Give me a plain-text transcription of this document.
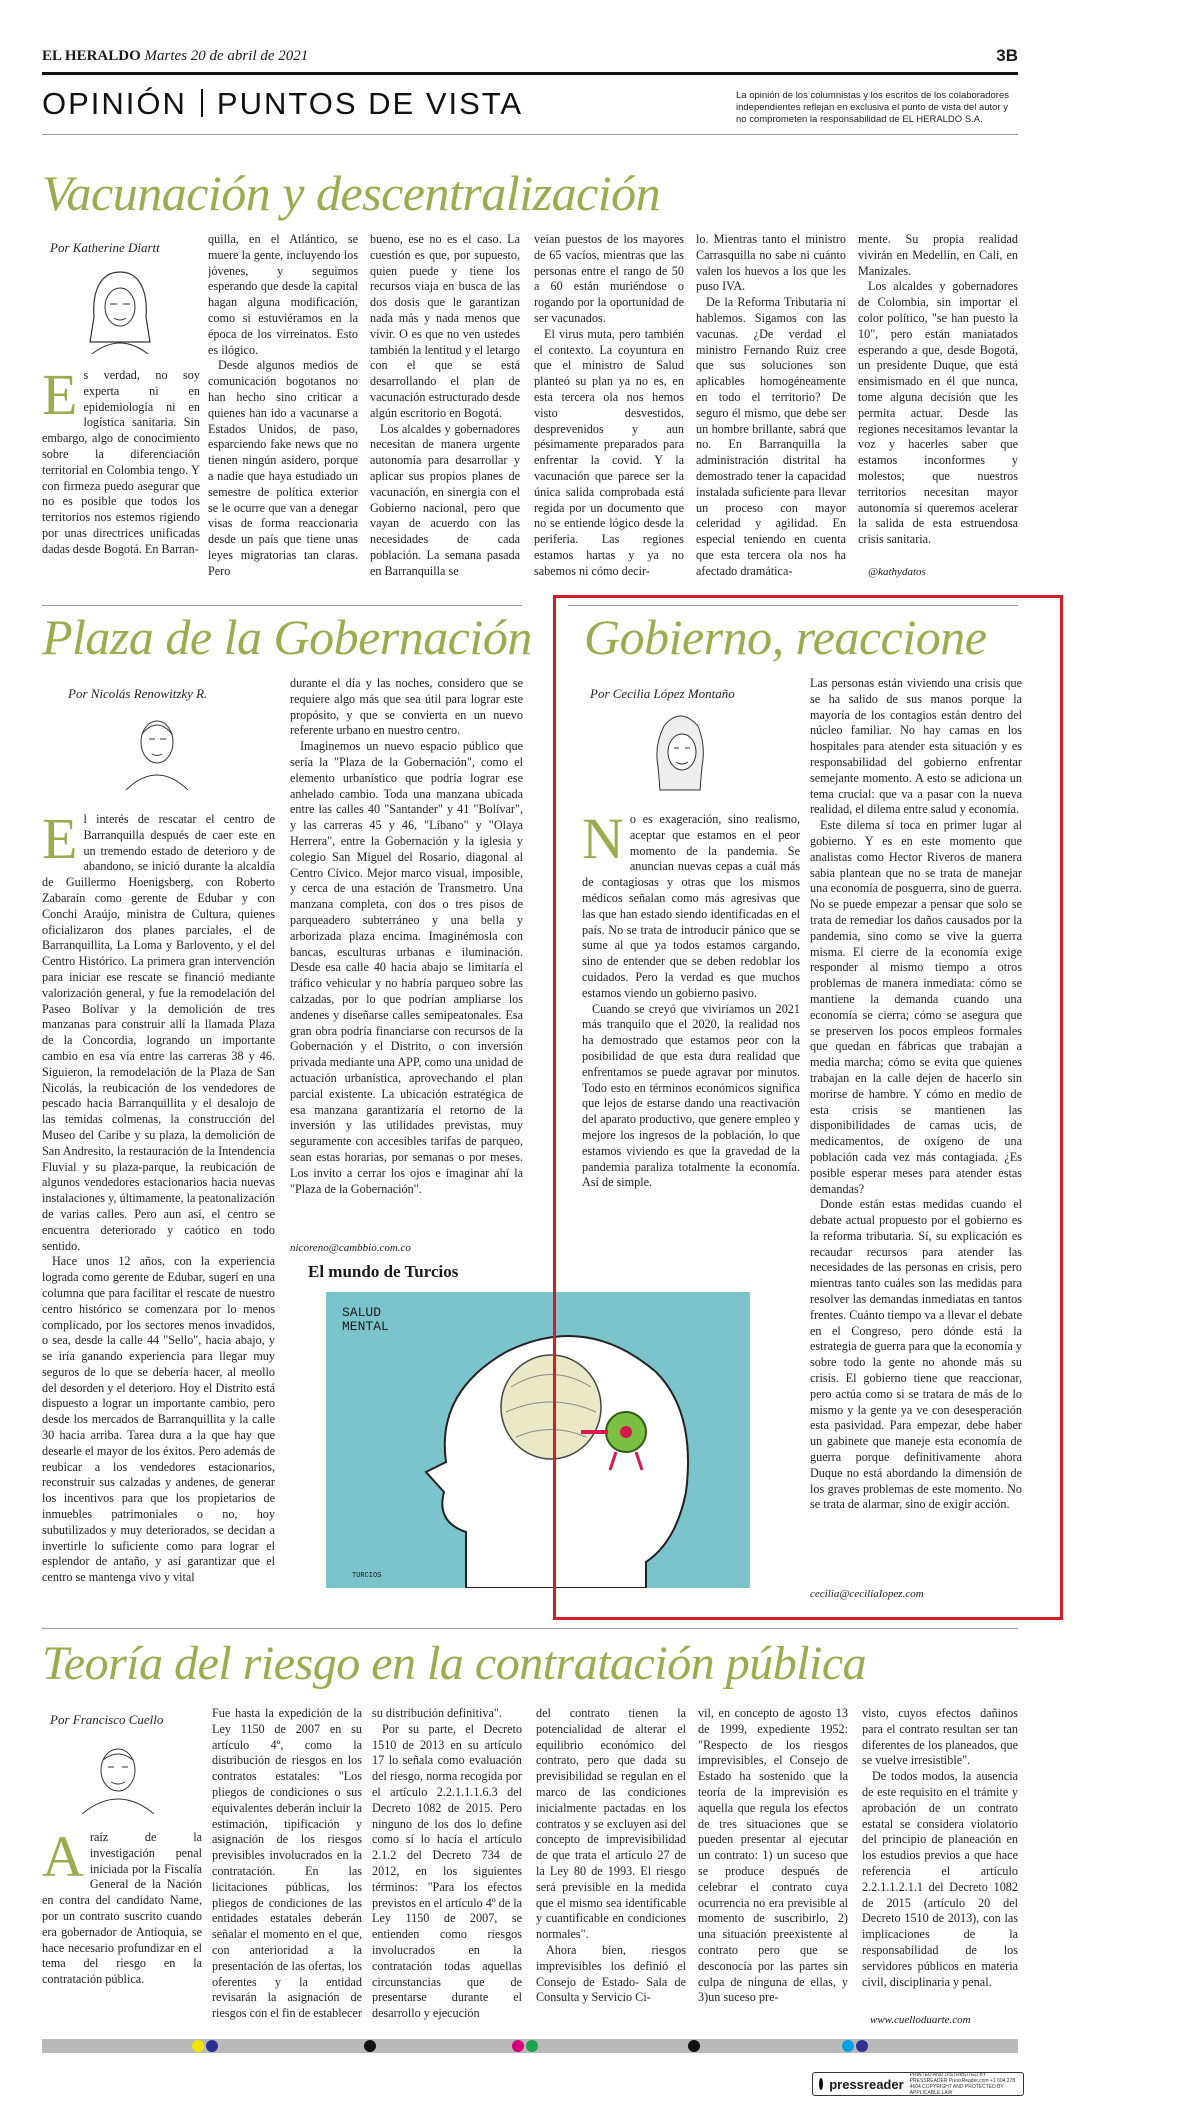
EL HERALDO Martes 20 de abril de 2021	3B
OPINIÓN PUNTOS DE VISTA	La opinión de los columnistas y los escritos de los colaboradores independientes reflejan en exclusiva el punto de vista del autor y no comprometen la responsabilidad de EL HERALDO S.A.
Vacunación y descentralización
Por Katherine Diartt
Es verdad, no soy experta ni en epidemiología ni en logística sanitaria. Sin embargo, algo de conocimiento sobre la diferenciación territorial en Colombia tengo. Y con firmeza puedo asegurar que no es posible que todos los territorios nos estemos rigiendo por unas directrices unificadas dadas desde Bogotá. En Barran-

quilla, en el Atlántico, se muere la gente, incluyendo los jóvenes, y seguimos esperando que desde la capital hagan alguna modificación, como si estuviéramos en la época de los virreinatos. Esto es ilógico.

Desde algunos medios de comunicación bogotanos no han hecho sino criticar a quienes han ido a vacunarse a Estados Unidos, de paso, esparciendo fake news que no tienen ningún asidero, porque a nadie que haya estudiado un semestre de política exterior se le ocurre que van a denegar visas de forma reaccionaria desde un país que tiene unas leyes migratorias tan claras. Pero

bueno, ese no es el caso. La cuestión es que, por supuesto, quien puede y tiene los recursos viaja en busca de las dos dosis que le garantizan nada más y nada menos que vivir. O es que no ven ustedes también la lentitud y el letargo con el que se está desarrollando el plan de vacunación estructurado desde algún escritorio en Bogotá.

Los alcaldes y gobernadores necesitan de manera urgente autonomía para desarrollar y aplicar sus propios planes de vacunación, en sinergia con el Gobierno nacional, pero que vayan de acuerdo con las necesidades de cada población. La semana pasada en Barranquilla se

veían puestos de los mayores de 65 vacíos, mientras que las personas entre el rango de 50 a 60 están muriéndose o rogando por la oportunidad de ser vacunados.

El virus muta, pero también el contexto. La coyuntura en que el ministro de Salud planteó su plan ya no es, en esta tercera ola nos hemos visto desvestidos, desprevenidos y aun pésimamente preparados para enfrentar la covid. Y la vacunación que parece ser la única salida comprobada está regida por un documento que no se entiende lógico desde la periferia. Las regiones estamos hartas y ya no sabemos ni cómo decir-

lo. Mientras tanto el ministro Carrasquilla no sabe ni cuánto valen los huevos a los que les puso IVA.

De la Reforma Tributaria ni hablemos. Sigamos con las vacunas. ¿De verdad el ministro Fernando Ruiz cree que sus soluciones son aplicables homogéneamente en todo el territorio? De seguro él mismo, que debe ser un hombre brillante, sabrá que no. En Barranquilla la administración distrital ha demostrado tener la capacidad instalada suficiente para llevar un proceso con mayor celeridad y agilidad. En especial teniendo en cuenta que esta tercera ola nos ha afectado dramática-

mente. Su propia realidad vivirán en Medellín, en Cali, en Manizales.

Los alcaldes y gobernadores de Colombia, sin importar el color político, "se han puesto la 10", pero están maniatados esperando a que, desde Bogotá, un presidente Duque, que está ensimismado en él que nunca, tome alguna decisión que les permita actuar. Desde las regiones necesitamos levantar la voz y hacerles saber que estamos inconformes y molestos; que nuestros territorios necesitan mayor autonomía si queremos acelerar la salida de esta estruendosa crisis sanitaria.

@kathydatos
Plaza de la Gobernación
Por Nicolás Renowitzky R.
El interés de rescatar el centro de Barranquilla después de caer este en un tremendo estado de deterioro y de abandono, se inició durante la alcaldía de Guillermo Hoenigsberg, con Roberto Zabaraín como gerente de Edubar y con Conchi Araújo, ministra de Cultura, quienes oficializaron dos planes parciales, el de Barranquillita, La Loma y Barlovento, y el del Centro Histórico. La primera gran intervención para iniciar ese rescate se financió mediante valorización general, y fue la remodelación del Paseo Bolívar y la demolición de tres manzanas para construir allí la llamada Plaza de la Concordia, logrando un importante cambio en esa vía entre las carreras 38 y 46. Siguieron, la remodelación de la Plaza de San Nicolás, la reubicación de los vendedores de pescado hacia Barranquillita y el desalojo de las temidas colmenas, la construcción del Museo del Caribe y su plaza, la demolición de San Andresito, la restauración de la Intendencia Fluvial y su plaza-parque, la reubicación de algunos vendedores estacionarios hacia nuevas instalaciones y, últimamente, la peatonalización de varias calles. Pero aun así, el centro se encuentra deteriorado y caótico en todo sentido.

Hace unos 12 años, con la experiencia lograda como gerente de Edubar, sugerí en una columna que para facilitar el rescate de nuestro centro histórico se comenzara por lo menos complicado, por los sectores menos invadidos, o sea, desde la calle 44 "Sello", hacia abajo, y se iría ganando experiencia para llegar muy seguros de lo que se debería hacer, al meollo del desorden y el deterioro. Hoy el Distrito está dispuesto a lograr un importante cambio, pero desde los mercados de Barranquillita y la calle 30 hacia arriba. Tarea dura a la que hay que desearle el mayor de los éxitos. Pero además de reubicar a los vendedores estacionarios, reconstruir sus calzadas y andenes, de generar los incentivos para que los propietarios de inmuebles patrimoniales o no, hoy subutilizados y muy deteriorados, se decidan a invertirle lo suficiente como para lograr el esplendor de antaño, y así garantizar que el centro se mantenga vivo y vital

durante el día y las noches, considero que se requiere algo más que sea útil para lograr este propósito, y que se convierta en un nuevo referente urbano en nuestro centro.

Imaginemos un nuevo espacio público que sería la "Plaza de la Gobernación", como el elemento urbanístico que podría lograr ese anhelado cambio. Toda una manzana ubicada entre las calles 40 "Santander" y 41 "Bolívar", y las carreras 45 y 46, "Líbano" y "Olaya Herrera", entre la Gobernación y la iglesia y colegio San Miguel del Rosario, diagonal al Centro Cívico. Mejor marco visual, imposible, y cerca de una estación de Transmetro. Una manzana completa, con dos o tres pisos de parqueadero subterráneo y una bella y arborizada plaza encima. Imaginémosla con bancas, esculturas urbanas e iluminación. Desde esa calle 40 hacia abajo se limitaría el tráfico vehicular y no habría parqueo sobre las calzadas, por lo que podrían ampliarse los andenes y diseñarse calles semipeatonales. Esa gran obra podría financiarse con recursos de la Gobernación y el Distrito, o con inversión privada mediante una APP, como una unidad de actuación urbanística, aprovechando el plan parcial existente. La ubicación estratégica de esa manzana garantizaría el retorno de la inversión y las utilidades previstas, muy seguramente con accesibles tarifas de parqueo, sean estas horarias, por semanas o por meses. Los invito a cerrar los ojos e imaginar ahí la "Plaza de la Gobernación".

nicoreno@cambbio.com.co
El mundo de Turcios
SALUD MENTAL
TURCIOS
Gobierno, reaccione
Por Cecilia López Montaño
No es exageración, sino realismo, aceptar que estamos en el peor momento de la pandemia. Se anuncian nuevas cepas a cuál más de contagiosas y otras que los mismos médicos señalan como más agresivas que las que han estado siendo identificadas en el país. No se trata de introducir pánico que se sume al que ya todos estamos cargando, sino de entender que se deben redoblar los cuidados. Pero la verdad es que muchos estamos viendo un gobierno pasivo.

Cuando se creyó que viviríamos un 2021 más tranquilo que el 2020, la realidad nos ha demostrado que estamos peor con la posibilidad de que esta dura realidad que enfrentamos se puede agravar por minutos. Todo esto en términos económicos significa que lejos de estarse dando una reactivación del aparato productivo, que genere empleo y mejore los ingresos de la población, lo que estamos viviendo es que la gravedad de la pandemia paraliza totalmente la economía. Así de simple.

Las personas están viviendo una crisis que se ha salido de sus manos porque la mayoría de los contagios están dentro del núcleo familiar. No hay camas en los hospitales para atender esta situación y es responsabilidad del gobierno enfrentar semejante momento. A esto se adiciona un tema crucial: que va a pasar con la nueva realidad, el dilema entre salud y economía.

Este dilema sí toca en primer lugar al gobierno. Y es en este momento que analistas como Hector Riveros de manera sabia plantean que no se trata de manejar una economía de posguerra, sino de guerra. No se puede empezar a pensar que solo se trata de remediar los daños causados por la pandemia, sino como se vive la guerra misma. El cierre de la economía exige responder al mismo tiempo a otros problemas de manera inmediata: cómo se mantiene la demanda cuando una economía se cierra; cómo se asegura que se preserven los pocos empleos formales que quedan en fábricas que trabajan a media marcha; cómo se evita que quienes trabajan en la calle dejen de hacerlo sin morirse de hambre. Y cómo en medio de esta crisis se mantienen las disponibilidades de camas ucis, de medicamentos, de oxígeno de una población cada vez más contagiada. ¿Es posible esperar meses para atender estas demandas?

Donde están estas medidas cuando el debate actual propuesto por el gobierno es la reforma tributaria. Sí, su explicación es recaudar recursos para atender las necesidades de las personas en crisis, pero mientras tanto cuáles son las medidas para resolver las demandas inmediatas en tantos frentes. Cuánto tiempo va a llevar el debate en el Congreso, pero dónde está la estrategia de guerra para que la economía y sobre todo la gente no ahonde más su crisis. El gobierno tiene que reaccionar, pero actúa como si se tratara de más de lo mismo y la gente ya ve con desesperación esta pasividad. Para empezar, debe haber un gabinete que maneje esta economía de guerra porque definitivamente ahora Duque no está abordando la dimensión de los graves problemas de este momento. No se trata de alarmar, sino de exigir acción.

cecilia@ceciliaIopez.com
Teoría del riesgo en la contratación pública
Por Francisco Cuello
Araíz de la investigación penal iniciada por la Fiscalía General de la Nación en contra del candidato Name, por un contrato suscrito cuando era gobernador de Antioquia, se hace necesario profundizar en el tema del riesgo en la contratación pública.

Fue hasta la expedición de la Ley 1150 de 2007 en su artículo 4º, como la distribución de riesgos en los contratos estatales: "Los pliegos de condiciones o sus equivalentes deberán incluir la estimación, tipificación y asignación de los riesgos previsibles involucrados en la contratación. En las licitaciones públicas, los pliegos de condiciones de las entidades estatales deberán señalar el momento en el que, con anterioridad a la presentación de las ofertas, los oferentes y la entidad revisarán la asignación de riesgos con el fin de establecer

su distribución definitiva".

Por su parte, el Decreto 1510 de 2013 en su artículo 17 lo señala como evaluación del riesgo, norma recogida por el artículo 2.2.1.1.1.6.3 del Decreto 1082 de 2015. Pero ninguno de los dos lo define como sí lo hacía el artículo 2.1.2 del Decreto 734 de 2012, en los siguientes términos: "Para los efectos previstos en el artículo 4º de la Ley 1150 de 2007, se entienden como riesgos involucrados en la contratación todas aquellas circunstancias que de presentarse durante el desarrollo y ejecución

del contrato tienen la potencialidad de alterar el equilibrio económico del contrato, pero que dada su previsibilidad se regulan en el marco de las condiciones inicialmente pactadas en los contratos y se excluyen así del concepto de imprevisibilidad de que trata el artículo 27 de la Ley 80 de 1993. El riesgo será previsible en la medida que el mismo sea identificable y cuantificable en condiciones normales".

Ahora bien, riesgos imprevisibles los definió el Consejo de Estado- Sala de Consulta y Servicio Ci-

vil, en concepto de agosto 13 de 1999, expediente 1952: "Respecto de los riesgos imprevisibles, el Consejo de Estado ha sostenido que la teoría de la imprevisión es aquella que regula los efectos de tres situaciones que se pueden presentar al ejecutar un contrato: 1) un suceso que se produce después de celebrar el contrato cuya ocurrencia no era previsible al momento de suscribirlo, 2) una situación preexistente al contrato pero que se desconocía por las partes sin culpa de ninguna de ellas, y 3)un suceso pre-

visto, cuyos efectos dañinos para el contrato resultan ser tan diferentes de los planeados, que se vuelve irresistible".

De todos modos, la ausencia de este requisito en el trámite y aprobación de un contrato estatal se considera violatorio del principio de planeación en los estudios previos a que hace referencia el artículo 2.2.1.1.2.1.1 del Decreto 1082 de 2015 (artículo 20 del Decreto 1510 de 2013), con las implicaciones de la responsabilidad de los servidores públicos en materia civil, disciplinaria y penal.

www.cuelloduarte.com
pressreader
PRINTED AND DISTRIBUTED BY PRESSREADER PressReader.com +1 604 278 4604 COPYRIGHT AND PROTECTED BY APPLICABLE LAW
